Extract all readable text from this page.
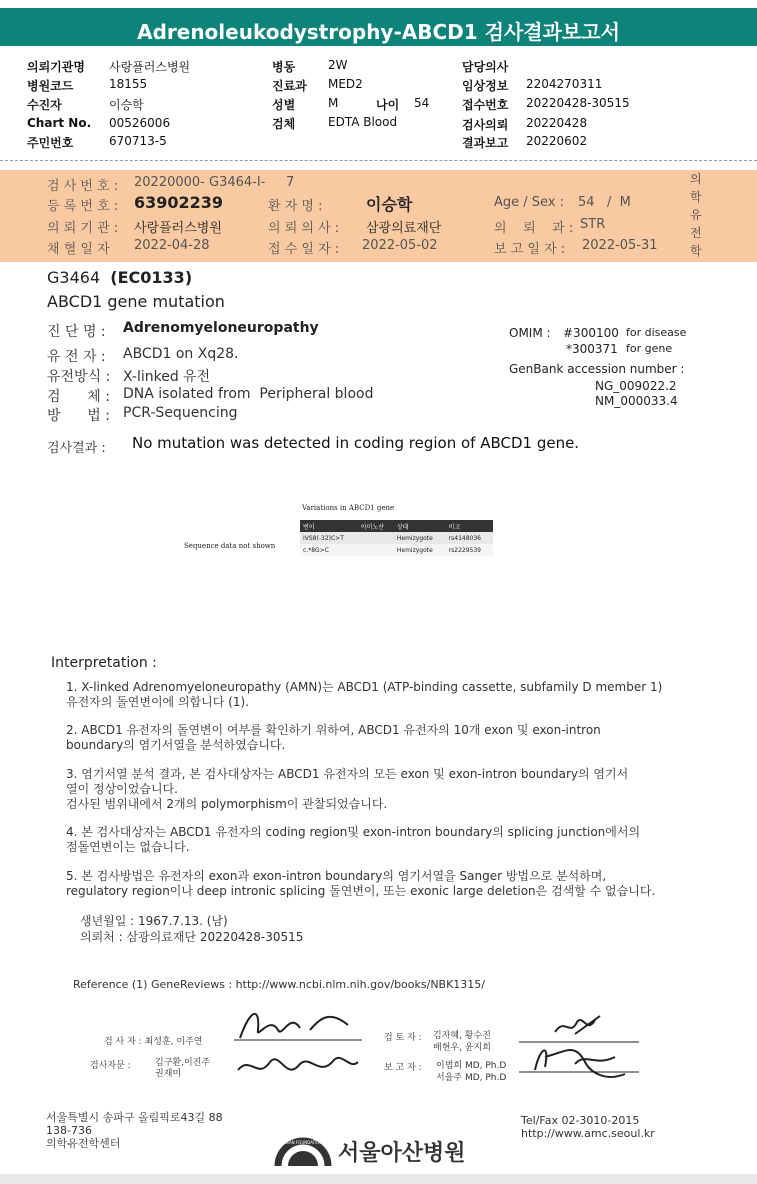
Adrenoleukodystrophy-ABCD1 검사결과보고서
의뢰기관명 사랑플러스병원
병원코드	18155
수진자	이승학
Chart No. 00526006
주민번호	670713-5
병동	2W
진료과 MED2
성별	M	나이 54
검체	EDTA Blood
담당의사
임상정보 2204270311
접수번호 20220428-30515
검사의뢰 20220428
결과보고 20220602
검 사 번 호 : 20220000- G3464-I-     7
등 록 번 호 : 63902239	환 자 명 :	이승학	Age / Sex : 54   /  M
의 뢰 기 관 : 사랑플러스병원	의 뢰 의 사 : 삼광의료재단	의    뢰    과 : STR
채 혈 일 자 2022-04-28	접 수 일 자 : 2022-05-02	보 고 일 자 : 2022-05-31
의
학
유
전
학
G3464 (EC0133)
ABCD1 gene mutation
진 단 명 : Adrenomyeloneuropathy
유 전 자 : ABCD1 on Xq28.
유전방식 : X-linked 유전
검      체 : DNA isolated from  Peripheral blood
방      법 : PCR-Sequencing
OMIM : #300100 for disease
*300371 for gene
GenBank accession number :
NG_009022.2
NM_000033.4
검사결과 : No mutation was detected in coding region of ABCD1 gene.
Variations in ABCD1 gene
Sequence data not shown
변이	아미노산	상태	비고
IVS8(-32)C>T		Hemizygote	rs4148036
c.*8G>C		Hemizygote	rs2229539
Interpretation :
1. X-linked Adrenomyeloneuropathy (AMN)는 ABCD1 (ATP-binding cassette, subfamily D member 1)
유전자의 돌연변이에 의합니다 (1).
2. ABCD1 유전자의 돌연변이 여부를 확인하기 위하여, ABCD1 유전자의 10개 exon 및 exon-intron
boundary의 염기서열을 분석하였습니다.
3. 염기서열 분석 결과, 본 검사대상자는 ABCD1 유전자의 모든 exon 및 exon-intron boundary의 염기서
열이 정상이었습니다.
검사된 범위내에서 2개의 polymorphism이 관찰되었습니다.
4. 본 검사대상자는 ABCD1 유전자의 coding region및 exon-intron boundary의 splicing junction에서의
점돌연변이는 없습니다.
5. 본 검사방법은 유전자의 exon과 exon-intron boundary의 염기서열을 Sanger 방법으로 분석하며,
regulatory region이나 deep intronic splicing 돌연변이, 또는 exonic large deletion은 검색할 수 없습니다.
생년월일 : 1967.7.13. (남)
의뢰처 : 삼광의료재단 20220428-30515
Reference (1) GeneReviews : http://www.ncbi.nlm.nih.gov/books/NBK1315/
검 사 자 : 최성훈, 이주연
검사자문 :	김구환,이진주
권재미
검 토 자 : 김자혜, 황수진
배현우, 윤지희
보 고 자 : 이범희 MD, Ph.D
서을주 MD, Ph.D
서울특별시 송파구 올림픽로43길 88
138-736
의학유전학센터
Tel/Fax 02-3010-2015
http://www.amc.seoul.kr
ASAN FOUNDATION 서울아산병원
